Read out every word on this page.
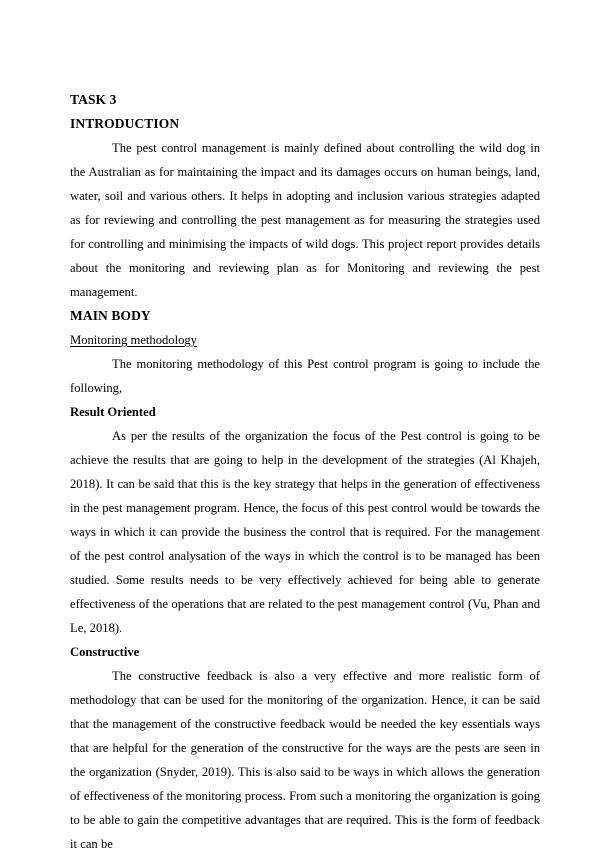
TASK 3
INTRODUCTION

The pest control management is mainly defined about controlling the wild dog in the Australian as for maintaining the impact and its damages occurs on human beings, land, water, soil and various others. It helps in adopting and inclusion various strategies adapted as for reviewing and controlling the pest management as for measuring the strategies used for controlling and minimising the impacts of wild dogs. This project report provides details about the monitoring and reviewing plan as for Monitoring and reviewing the pest management.

MAIN BODY
Monitoring methodology

The monitoring methodology of this Pest control program is going to include the following,

Result Oriented

As per the results of the organization the focus of the Pest control is going to be achieve the results that are going to help in the development of the strategies (Al Khajeh, 2018). It can be said that this is the key strategy that helps in the generation of effectiveness in the pest management program. Hence, the focus of this pest control would be towards the ways in which it can provide the business the control that is required. For the management of the pest control analysation of the ways in which the control is to be managed has been studied. Some results needs to be very effectively achieved for being able to generate effectiveness of the operations that are related to the pest management control (Vu, Phan and Le, 2018).

Constructive

The constructive feedback is also a very effective and more realistic form of methodology that can be used for the monitoring of the organization. Hence, it can be said that the management of the constructive feedback would be needed the key essentials ways that are helpful for the generation of the constructive for the ways are the pests are seen in the organization (Snyder, 2019). This is also said to be ways in which allows the generation of effectiveness of the monitoring process. From such a monitoring the organization is going to be able to gain the competitive advantages that are required. This is the form of feedback it can be
